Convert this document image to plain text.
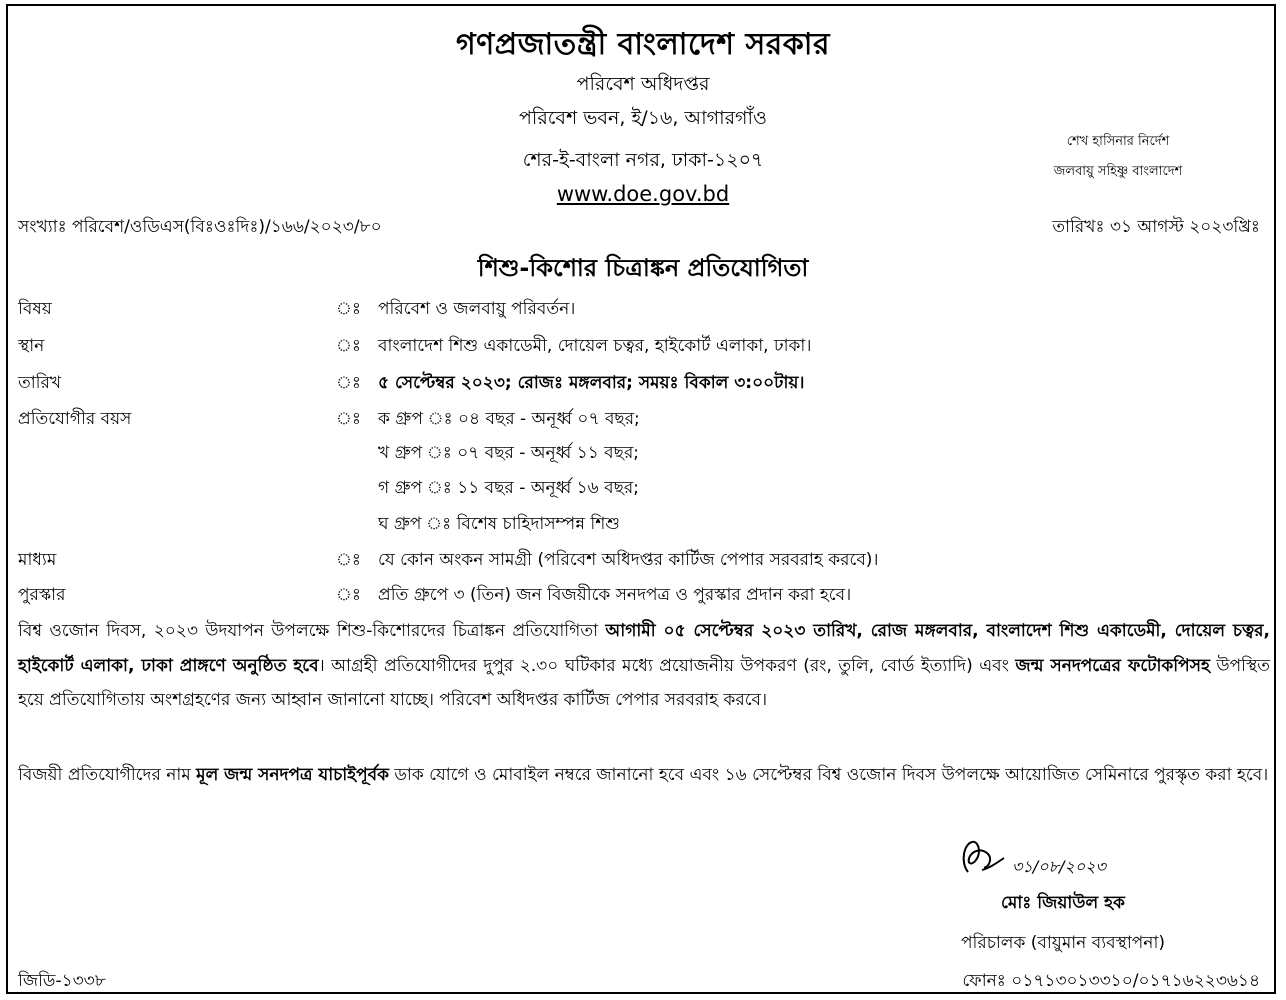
গণপ্রজাতন্ত্রী বাংলাদেশ সরকার
পরিবেশ অধিদপ্তর
পরিবেশ ভবন, ই/১৬, আগারগাঁও
শের-ই-বাংলা নগর, ঢাকা-১২০৭
www.doe.gov.bd
শেখ হাসিনার নির্দেশ
জলবায়ু সহিষ্ণু বাংলাদেশ
সংখ্যাঃ পরিবেশ/ওডিএস(বিঃওঃদিঃ)/১৬৬/২০২৩/৮০	তারিখঃ ৩১ আগস্ট ২০২৩খ্রিঃ
শিশু-কিশোর চিত্রাঙ্কন প্রতিযোগিতা
বিষয়	ঃ পরিবেশ ও জলবায়ু পরিবর্তন।
স্থান	ঃ বাংলাদেশ শিশু একাডেমী, দোয়েল চত্বর, হাইকোর্ট এলাকা, ঢাকা।
তারিখ	ঃ ৫ সেপ্টেম্বর ২০২৩; রোজঃ মঙ্গলবার; সময়ঃ বিকাল ৩:০০টায়।
প্রতিযোগীর বয়স	ঃ ক গ্রুপ ঃ ০৪ বছর - অনূর্ধ্ব ০৭ বছর;
খ গ্রুপ ঃ ০৭ বছর - অনূর্ধ্ব ১১ বছর;
গ গ্রুপ ঃ ১১ বছর - অনূর্ধ্ব ১৬ বছর;
ঘ গ্রুপ ঃ বিশেষ চাহিদাসম্পন্ন শিশু
মাধ্যম	ঃ যে কোন অংকন সামগ্রী (পরিবেশ অধিদপ্তর কার্টিজ পেপার সরবরাহ করবে)।
পুরস্কার	ঃ প্রতি গ্রুপে ৩ (তিন) জন বিজয়ীকে সনদপত্র ও পুরস্কার প্রদান করা হবে।
বিশ্ব ওজোন দিবস, ২০২৩ উদযাপন উপলক্ষে শিশু-কিশোরদের চিত্রাঙ্কন প্রতিযোগিতা আগামী ০৫ সেপ্টেম্বর ২০২৩ তারিখ, রোজ মঙ্গলবার, বাংলাদেশ শিশু একাডেমী, দোয়েল চত্বর, হাইকোর্ট এলাকা, ঢাকা প্রাঙ্গণে অনুষ্ঠিত হবে। আগ্রহী প্রতিযোগীদের দুপুর ২.৩০ ঘটিকার মধ্যে প্রয়োজনীয় উপকরণ (রং, তুলি, বোর্ড ইত্যাদি) এবং জন্ম সনদপত্রের ফটোকপিসহ উপস্থিত হয়ে প্রতিযোগিতায় অংশগ্রহণের জন্য আহ্বান জানানো যাচ্ছে। পরিবেশ অধিদপ্তর কার্টিজ পেপার সরবরাহ করবে।
বিজয়ী প্রতিযোগীদের নাম মূল জন্ম সনদপত্র যাচাইপূর্বক ডাক যোগে ও মোবাইল নম্বরে জানানো হবে এবং ১৬ সেপ্টেম্বর বিশ্ব ওজোন দিবস উপলক্ষে আয়োজিত সেমিনারে পুরস্কৃত করা হবে।
৩১/০৮/২০২৩
মোঃ জিয়াউল হক
পরিচালক (বায়ুমান ব্যবস্থাপনা)
জিডি-১৩৩৮	ফোনঃ ০১৭১৩০১৩৩১০/০১৭১৬২২৩৬১৪
